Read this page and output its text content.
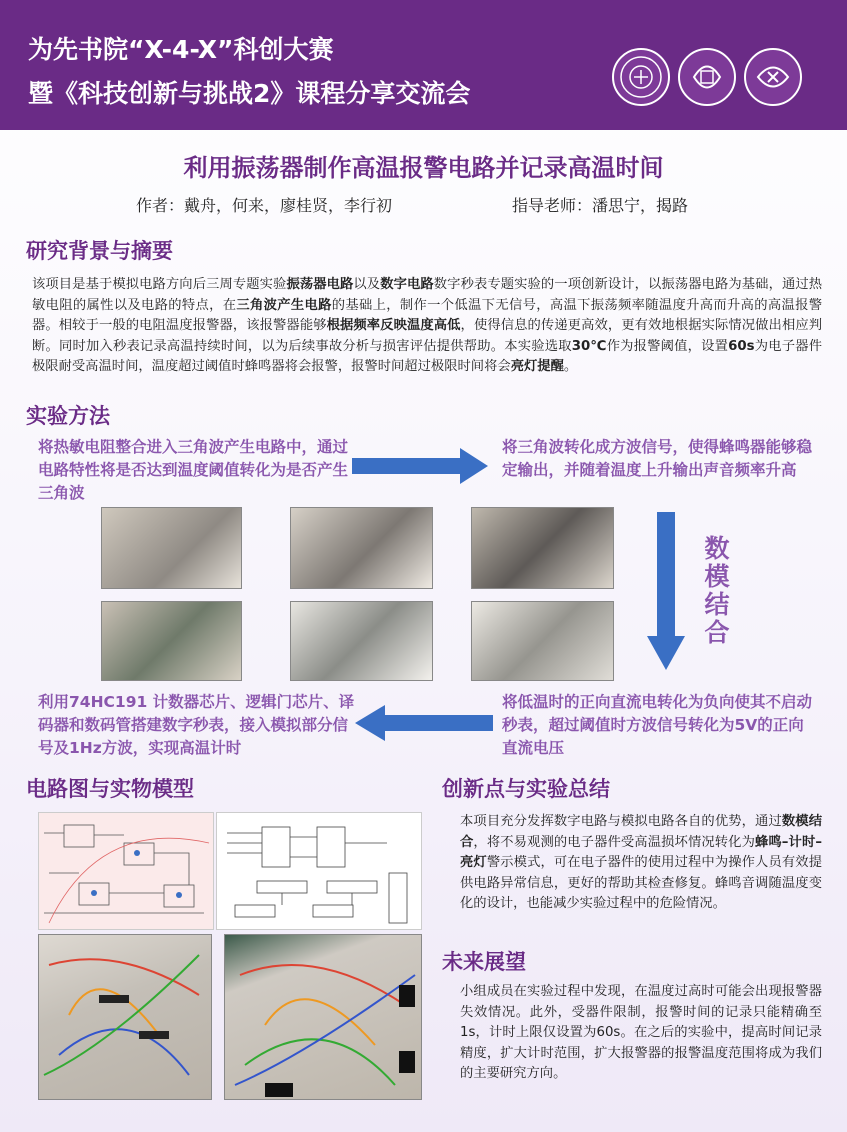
为先书院“X-4-X”科创大赛
暨《科技创新与挑战2》课程分享交流会
利用振荡器制作高温报警电路并记录高温时间
作者：戴舟，何来，廖桂贤，李行初	指导老师：潘思宁，揭路
研究背景与摘要
该项目是基于模拟电路方向后三周专题实验振荡器电路以及数字电路数字秒表专题实验的一项创新设计，以振荡器电路为基础，通过热敏电阻的属性以及电路的特点，在三角波产生电路的基础上，制作一个低温下无信号，高温下振荡频率随温度升高而升高的高温报警器。相较于一般的电阻温度报警器，该报警器能够根据频率反映温度高低，使得信息的传递更高效，更有效地根据实际情况做出相应判断。同时加入秒表记录高温持续时间，以为后续事故分析与损害评估提供帮助。本实验选取30℃作为报警阈值，设置60s为电子器件极限耐受高温时间，温度超过阈值时蜂鸣器将会报警，报警时间超过极限时间将会亮灯提醒。
实验方法
将热敏电阻整合进入三角波产生电路中，通过电路特性将是否达到温度阈值转化为是否产生三角波
将三角波转化成方波信号，使得蜂鸣器能够稳定输出，并随着温度上升输出声音频率升高
数
模
结
合
利用74HC191 计数器芯片、逻辑门芯片、译码器和数码管搭建数字秒表，接入模拟部分信号及1Hz方波，实现高温计时
将低温时的正向直流电转化为负向使其不启动秒表，超过阈值时方波信号转化为5V的正向直流电压
电路图与实物模型	创新点与实验总结
本项目充分发挥数字电路与模拟电路各自的优势，通过数模结合，将不易观测的电子器件受高温损坏情况转化为蜂鸣–计时–亮灯警示模式，可在电子器件的使用过程中为操作人员有效提供电路异常信息，更好的帮助其检查修复。蜂鸣音调随温度变化的设计，也能减少实验过程中的危险情况。
未来展望
小组成员在实验过程中发现，在温度过高时可能会出现报警器失效情况。此外，受器件限制，报警时间的记录只能精确至1s，计时上限仅设置为60s。在之后的实验中，提高时间记录精度，扩大计时范围，扩大报警器的报警温度范围将成为我们的主要研究方向。
